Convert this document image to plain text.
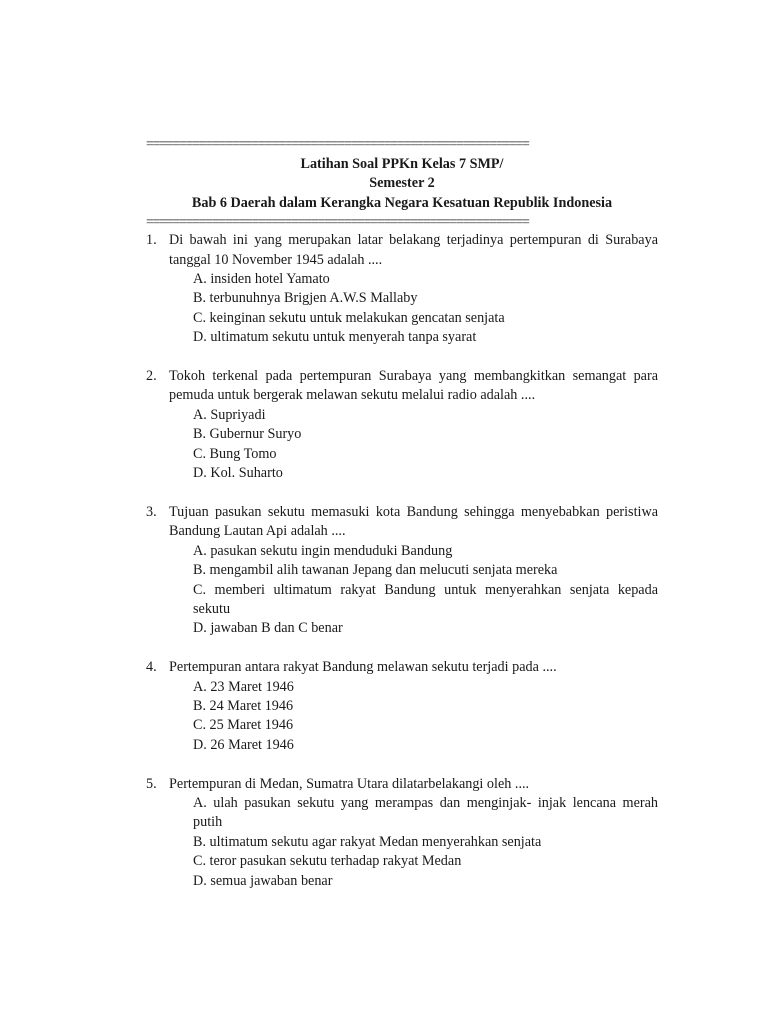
==========================================================
Latihan Soal PPKn Kelas 7 SMP/
Semester 2
Bab 6 Daerah dalam Kerangka Negara Kesatuan Republik Indonesia
==========================================================
1. Di bawah ini yang merupakan latar belakang terjadinya pertempuran di Surabaya tanggal 10 November 1945 adalah ....
A. insiden hotel Yamato
B. terbunuhnya Brigjen A.W.S Mallaby
C. keinginan sekutu untuk melakukan gencatan senjata
D. ultimatum sekutu untuk menyerah tanpa syarat
2. Tokoh terkenal pada pertempuran Surabaya yang membangkitkan semangat para pemuda untuk bergerak melawan sekutu melalui radio adalah ....
A. Supriyadi
B. Gubernur Suryo
C. Bung Tomo
D. Kol. Suharto
3. Tujuan pasukan sekutu memasuki kota Bandung sehingga menyebabkan peristiwa Bandung Lautan Api adalah ....
A. pasukan sekutu ingin menduduki Bandung
B. mengambil alih tawanan Jepang dan melucuti senjata mereka
C. memberi ultimatum rakyat Bandung untuk menyerahkan senjata kepada sekutu
D. jawaban B dan C benar
4. Pertempuran antara rakyat Bandung melawan sekutu terjadi pada ....
A. 23 Maret 1946
B. 24 Maret 1946
C. 25 Maret 1946
D. 26 Maret 1946
5. Pertempuran di Medan, Sumatra Utara dilatarbelakangi oleh ....
A. ulah pasukan sekutu yang merampas dan menginjak- injak lencana merah putih
B. ultimatum sekutu agar rakyat Medan menyerahkan senjata
C. teror pasukan sekutu terhadap rakyat Medan
D. semua jawaban benar
